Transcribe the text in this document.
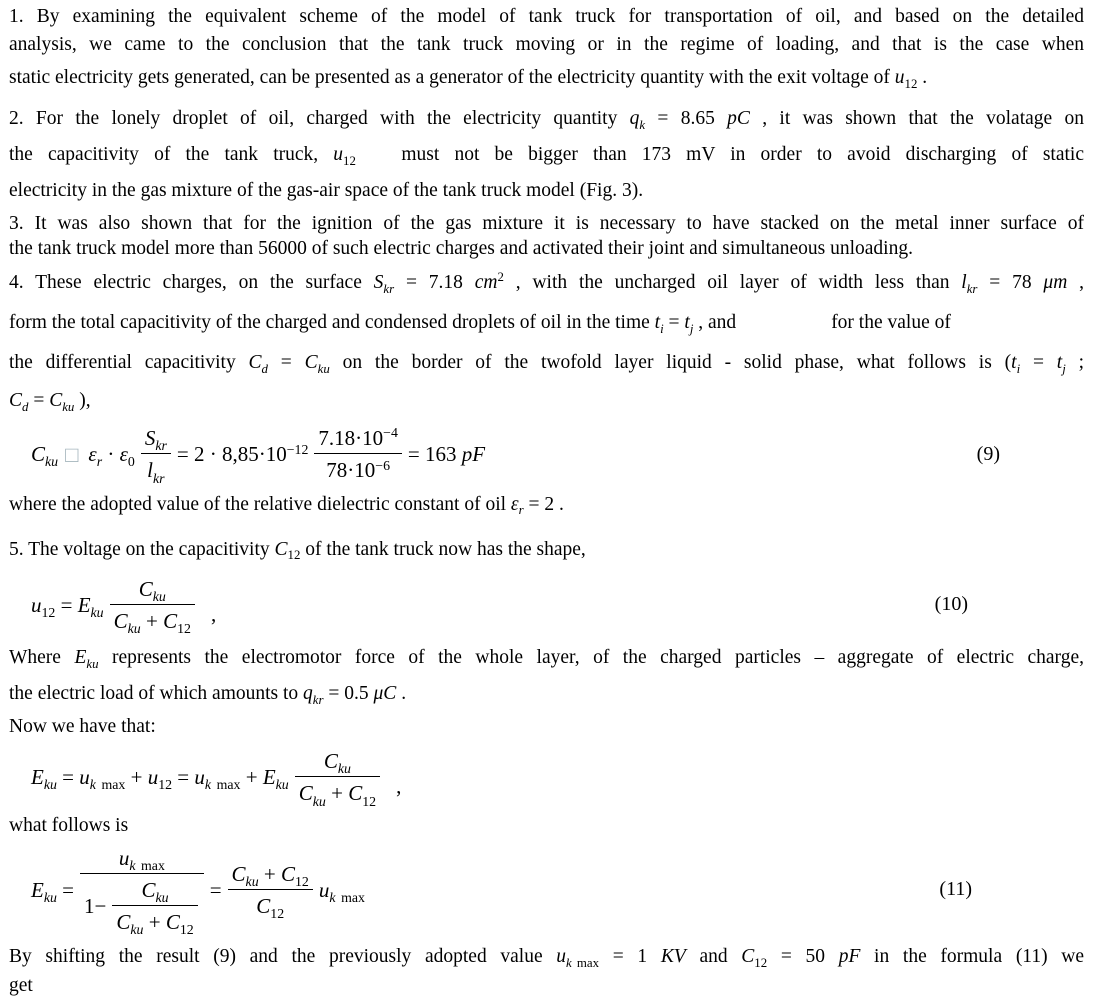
1. By examining the equivalent scheme of the model of tank truck for transportation of oil, and based on the detailed
analysis, we came to the conclusion that the tank truck moving or in the regime of loading, and that is the case when
static electricity gets generated, can be presented as a generator of the electricity quantity with the exit voltage of $u_{12}$ .
2. For the lonely droplet of oil, charged with the electricity quantity $q_k = 8.65$ pC , it was shown that the volatage on
the capacitivity of the tank truck, $u_{12}$   must not be bigger than 173 mV in order to avoid discharging of static
electricity in the gas mixture of the gas-air space of the tank truck model (Fig. 3).
3. It was also shown that for the ignition of the gas mixture it is necessary to have stacked on the metal inner surface of
the tank truck model more than 56000 of such electric charges and activated their joint and simultaneous unloading.
4. These electric charges, on the surface $S_{kr} = 7.18$ $cm^2$ , with the uncharged oil layer of width less than $l_{kr} = 78$ μm ,
form the total capacitivity of the charged and condensed droplets of oil in the time $t_i = t_j$ , and	for the value of
the differential capacitivity $C_d = C_{ku}$ on the border of the twofold layer liquid - solid phase, what follows is ($t_i = t_j$ ;
$C_d = C_{ku}$ ),
$C_{ku}$ □ $\varepsilon_r \cdot \varepsilon_0 \frac{S_{kr}}{l_{kr}} = 2 \cdot 8,85\cdot 10^{-12} \frac{7.18\cdot 10^{-4}}{78\cdot 10^{-6}} = 163$ pF	(9)
where the adopted value of the relative dielectric constant of oil $\varepsilon_r = 2$ .
5. The voltage on the capacitivity $C_{12}$ of the tank truck now has the shape,
$u_{12} = E_{ku} \frac{C_{ku}}{C_{ku} + C_{12}}$ ,	(10)
Where $E_{ku}$ represents the electromotor force of the whole layer, of the charged particles – aggregate of electric charge,
the electric load of which amounts to $q_{kr} = 0.5$ μC .
Now we have that:
$E_{ku} = u_{k max} + u_{12} = u_{k max} + E_{ku} \frac{C_{ku}}{C_{ku} + C_{12}}$ ,
what follows is
$E_{ku} = \frac{u_{k max}}{1- \frac{C_{ku}}{C_{ku} + C_{12}}} = \frac{C_{ku} + C_{12}}{C_{12}} u_{k max}$	(11)
By shifting the result (9) and the previously adopted value $u_{k max} = 1$ KV and $C_{12} = 50$ pF in the formula (11) we
get
